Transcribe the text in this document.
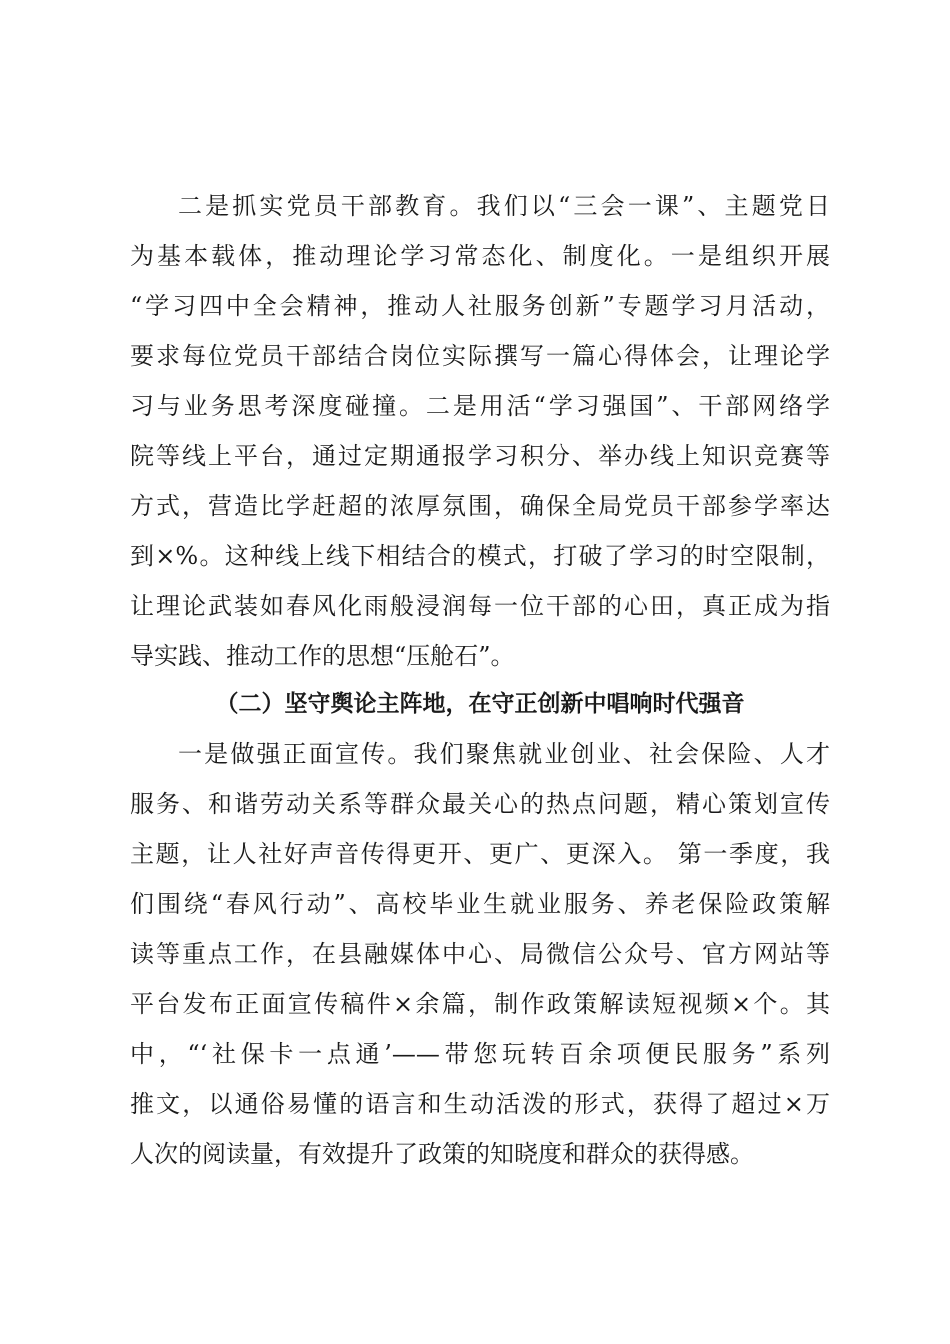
二是抓实党员干部教育。我们以“三会一课”、主题党日
为基本载体，推动理论学习常态化、制度化。一是组织开展
“学习四中全会精神，推动人社服务创新”专题学习月活动，
要求每位党员干部结合岗位实际撰写一篇心得体会，让理论学
习与业务思考深度碰撞。二是用活“学习强国”、干部网络学
院等线上平台，通过定期通报学习积分、举办线上知识竞赛等
方式，营造比学赶超的浓厚氛围，确保全局党员干部参学率达
到×%。这种线上线下相结合的模式，打破了学习的时空限制，
让理论武装如春风化雨般浸润每一位干部的心田，真正成为指
导实践、推动工作的思想“压舱石”。
（二）坚守舆论主阵地，在守正创新中唱响时代强音
一是做强正面宣传。我们聚焦就业创业、社会保险、人才
服务、和谐劳动关系等群众最关心的热点问题，精心策划宣传
主题，让人社好声音传得更开、更广、更深入。 第一季度，我
们围绕“春风行动”、高校毕业生就业服务、养老保险政策解
读等重点工作，在县融媒体中心、局微信公众号、官方网站等
平台发布正面宣传稿件×余篇，制作政策解读短视频×个。其
中，“‘社保卡一点通’——带您玩转百余项便民服务”系列
推文，以通俗易懂的语言和生动活泼的形式，获得了超过×万
人次的阅读量，有效提升了政策的知晓度和群众的获得感。
